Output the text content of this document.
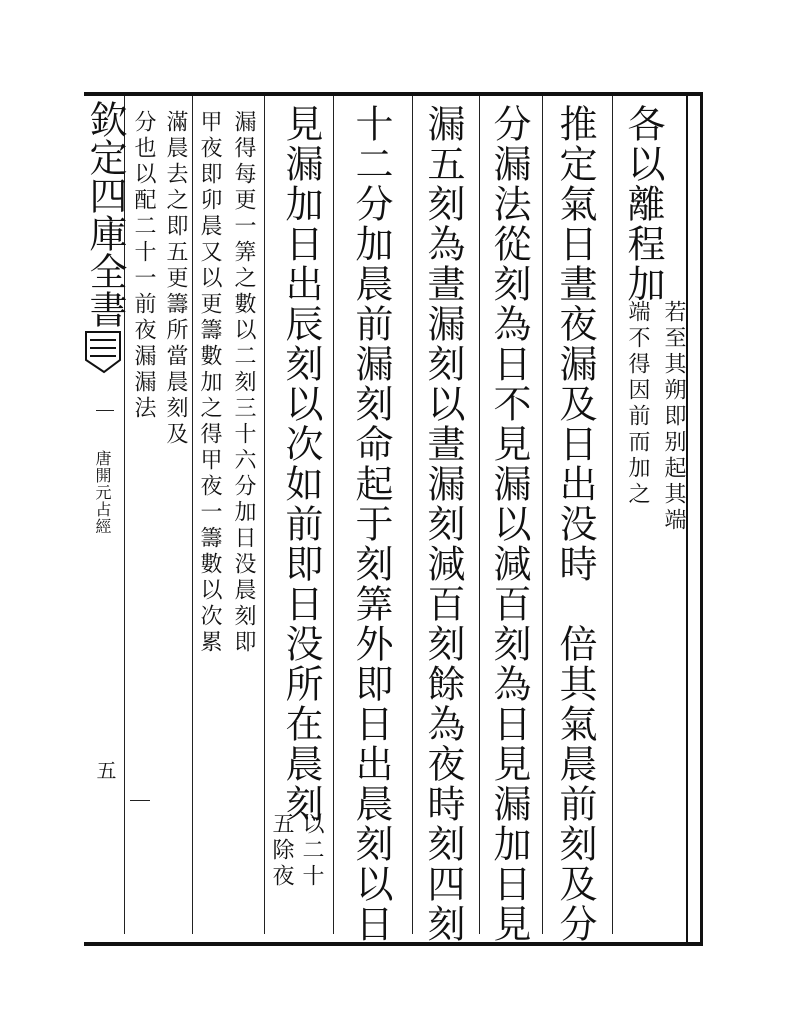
欽定四庫全書
唐開元占經
五
各以離程加
若至其朔即别起其端
端不得因前而加之
推定氣日晝夜漏及日出没時　倍其氣晨前刻及分
分漏法從刻為日不見漏以減百刻為日見漏加日見
漏五刻為晝漏刻以晝漏刻減百刻餘為夜時刻四刻
十二分加晨前漏刻命起于刻筭外即日出晨刻以日
見漏加日出辰刻以次如前即日没所在晨刻
以二十
五除夜
漏得每更一筭之數以二刻三十六分加日没晨刻即
甲夜即卯晨又以更籌數加之得甲夜一籌數以次累
滿晨去之即五更籌所當晨刻及
分也以配二十一前夜漏漏法
